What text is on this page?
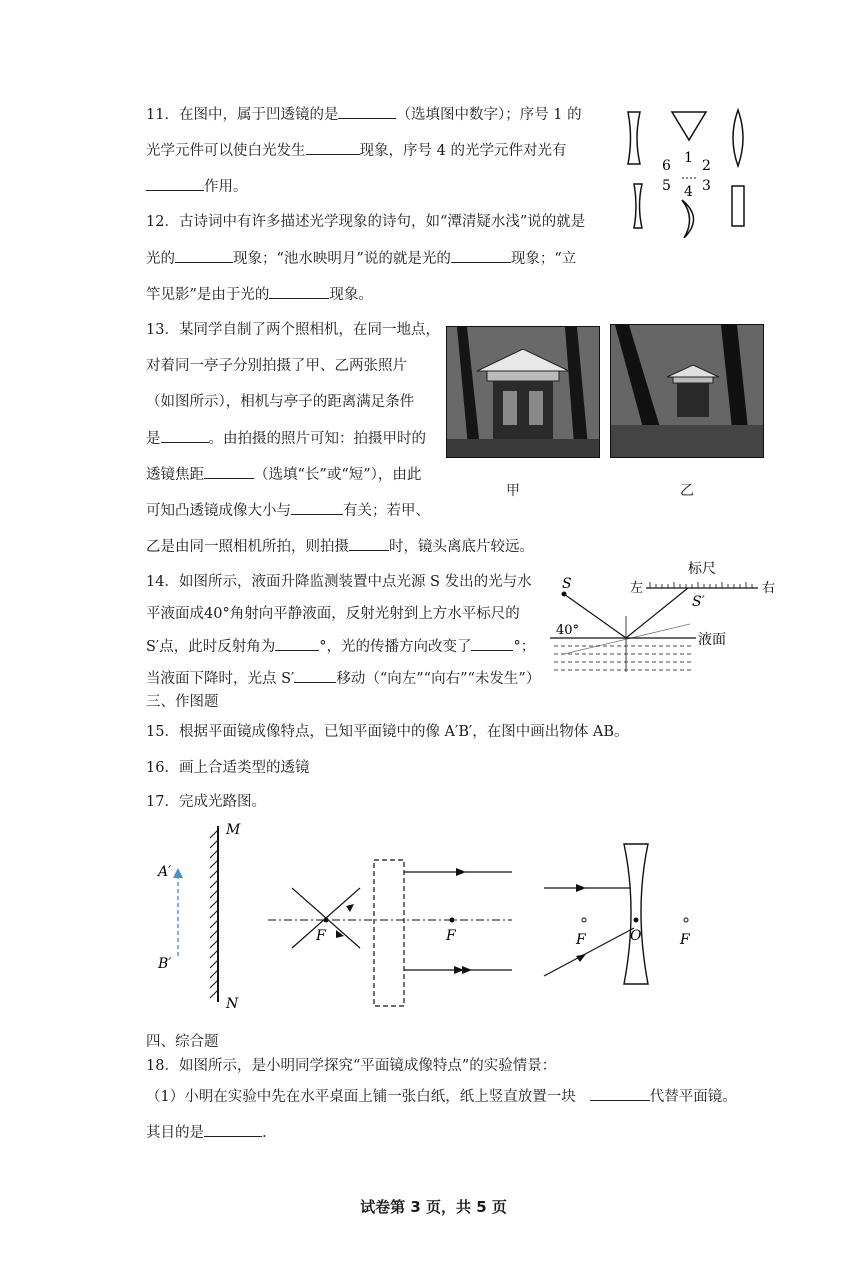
11．在图中，属于凹透镜的是	（选填图中数字）；序号 1 的
光学元件可以使白光发生	现象，序号 4 的光学元件对光有
作用。
6 1 2
5 4 3
12．古诗词中有许多描述光学现象的诗句，如“潭清疑水浅”说的就是
光的	现象；“池水映明月”说的就是光的	现象；“立
竿见影”是由于光的	现象。
13．某同学自制了两个照相机，在同一地点，
对着同一亭子分别拍摄了甲、乙两张照片
（如图所示），相机与亭子的距离满足条件
是	。由拍摄的照片可知：拍摄甲时的
透镜焦距	（选填“长”或“短”），由此
可知凸透镜成像大小与	有关；若甲、
乙是由同一照相机所拍，则拍摄	时，镜头离底片较远。
甲	乙
14．如图所示，液面升降监测装置中点光源 S 发出的光与水
平液面成40°角射向平静液面，反射光射到上方水平标尺的
S′点，此时反射角为	°，光的传播方向改变了	°；
当液面下降时，光点 S′	移动（“向左”“向右”“未发生”）
标尺
左	右
S
S′
40°
液面
三、作图题
15．根据平面镜成像特点，已知平面镜中的像 A′B′，在图中画出物体 AB。
16．画上合适类型的透镜
17．完成光路图。
M
N
A′
B′
F	F	F	O	F
四、综合题
18．如图所示，是小明同学探究“平面镜成像特点”的实验情景：
（1）小明在实验中先在水平桌面上铺一张白纸，纸上竖直放置一块	代替平面镜。
其目的是	.
试卷第 3 页，共 5 页
